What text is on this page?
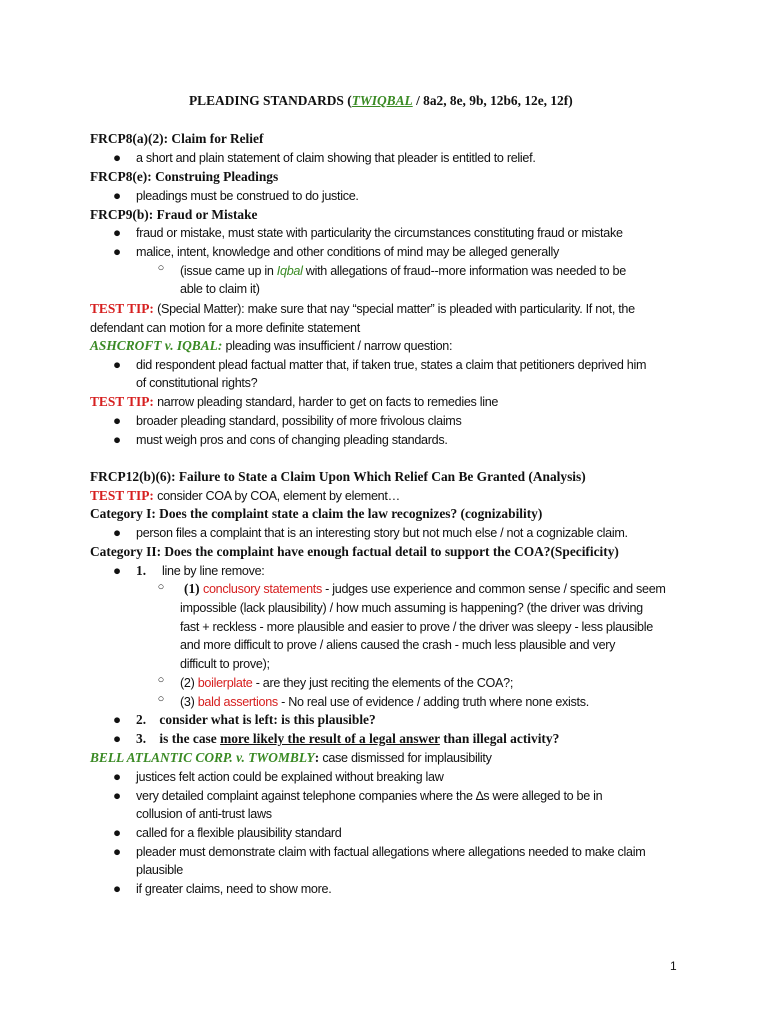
PLEADING STANDARDS (TWIQBAL / 8a2, 8e, 9b, 12b6, 12e, 12f)
FRCP8(a)(2): Claim for Relief
● a short and plain statement of claim showing that pleader is entitled to relief.
FRCP8(e): Construing Pleadings
● pleadings must be construed to do justice.
FRCP9(b): Fraud or Mistake
● fraud or mistake, must state with particularity the circumstances constituting fraud or mistake
● malice, intent, knowledge and other conditions of mind may be alleged generally
○ (issue came up in Iqbal with allegations of fraud--more information was needed to be
able to claim it)
TEST TIP: (Special Matter): make sure that nay “special matter” is pleaded with particularity. If not, the
defendant can motion for a more definite statement
ASHCROFT v. IQBAL: pleading was insufficient / narrow question:
● did respondent plead factual matter that, if taken true, states a claim that petitioners deprived him
of constitutional rights?
TEST TIP: narrow pleading standard, harder to get on facts to remedies line
● broader pleading standard, possibility of more frivolous claims
● must weigh pros and cons of changing pleading standards.
FRCP12(b)(6): Failure to State a Claim Upon Which Relief Can Be Granted (Analysis)
TEST TIP: consider COA by COA, element by element…
Category I: Does the complaint state a claim the law recognizes? (cognizability)
● person files a complaint that is an interesting story but not much else / not a cognizable claim.
Category II: Does the complaint have enough factual detail to support the COA?(Specificity)
● 1. line by line remove:
○ (1) conclusory statements - judges use experience and common sense / specific and seem
impossible (lack plausibility) / how much assuming is happening? (the driver was driving
fast + reckless - more plausible and easier to prove / the driver was sleepy - less plausible
and more difficult to prove / aliens caused the crash - much less plausible and very
difficult to prove);
○ (2) boilerplate - are they just reciting the elements of the COA?;
○ (3) bald assertions - No real use of evidence / adding truth where none exists.
● 2.    consider what is left: is this plausible?
● 3.    is the case more likely the result of a legal answer than illegal activity?
BELL ATLANTIC CORP. v. TWOMBLY: case dismissed for implausibility
● justices felt action could be explained without breaking law
● very detailed complaint against telephone companies where the ∆s were alleged to be in
collusion of anti-trust laws
● called for a flexible plausibility standard
● pleader must demonstrate claim with factual allegations where allegations needed to make claim
plausible
● if greater claims, need to show more.
1
